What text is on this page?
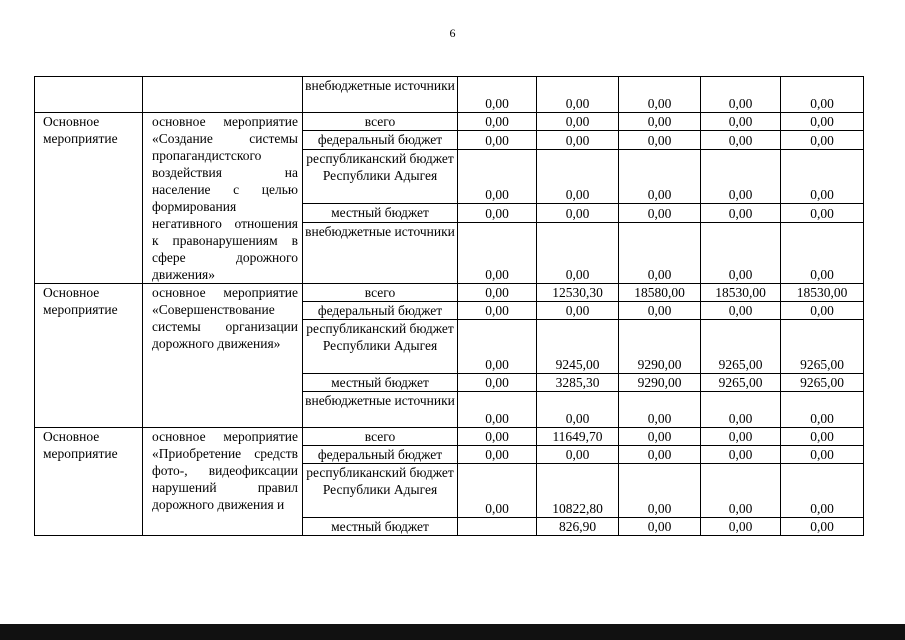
6
		внебюджетные источники	0,00	0,00	0,00	0,00	0,00
Основное мероприятие	основное мероприятие «Создание системы пропагандистского воздействия на население с целью формирования негативного отношения к правонарушениям в сфере дорожного движения»	всего	0,00	0,00	0,00	0,00	0,00
		федеральный бюджет	0,00	0,00	0,00	0,00	0,00
		республиканский бюджет Республики Адыгея	0,00	0,00	0,00	0,00	0,00
		местный бюджет	0,00	0,00	0,00	0,00	0,00
		внебюджетные источники	0,00	0,00	0,00	0,00	0,00
Основное мероприятие	основное мероприятие «Совершенствование системы организации дорожного движения»	всего	0,00	12530,30	18580,00	18530,00	18530,00
		федеральный бюджет	0,00	0,00	0,00	0,00	0,00
		республиканский бюджет Республики Адыгея	0,00	9245,00	9290,00	9265,00	9265,00
		местный бюджет	0,00	3285,30	9290,00	9265,00	9265,00
		внебюджетные источники	0,00	0,00	0,00	0,00	0,00
Основное мероприятие	основное мероприятие «Приобретение средств фото-, видеофиксации нарушений правил дорожного движения и	всего	0,00	11649,70	0,00	0,00	0,00
		федеральный бюджет	0,00	0,00	0,00	0,00	0,00
		республиканский бюджет Республики Адыгея	0,00	10822,80	0,00	0,00	0,00
		местный бюджет		826,90	0,00	0,00	0,00
